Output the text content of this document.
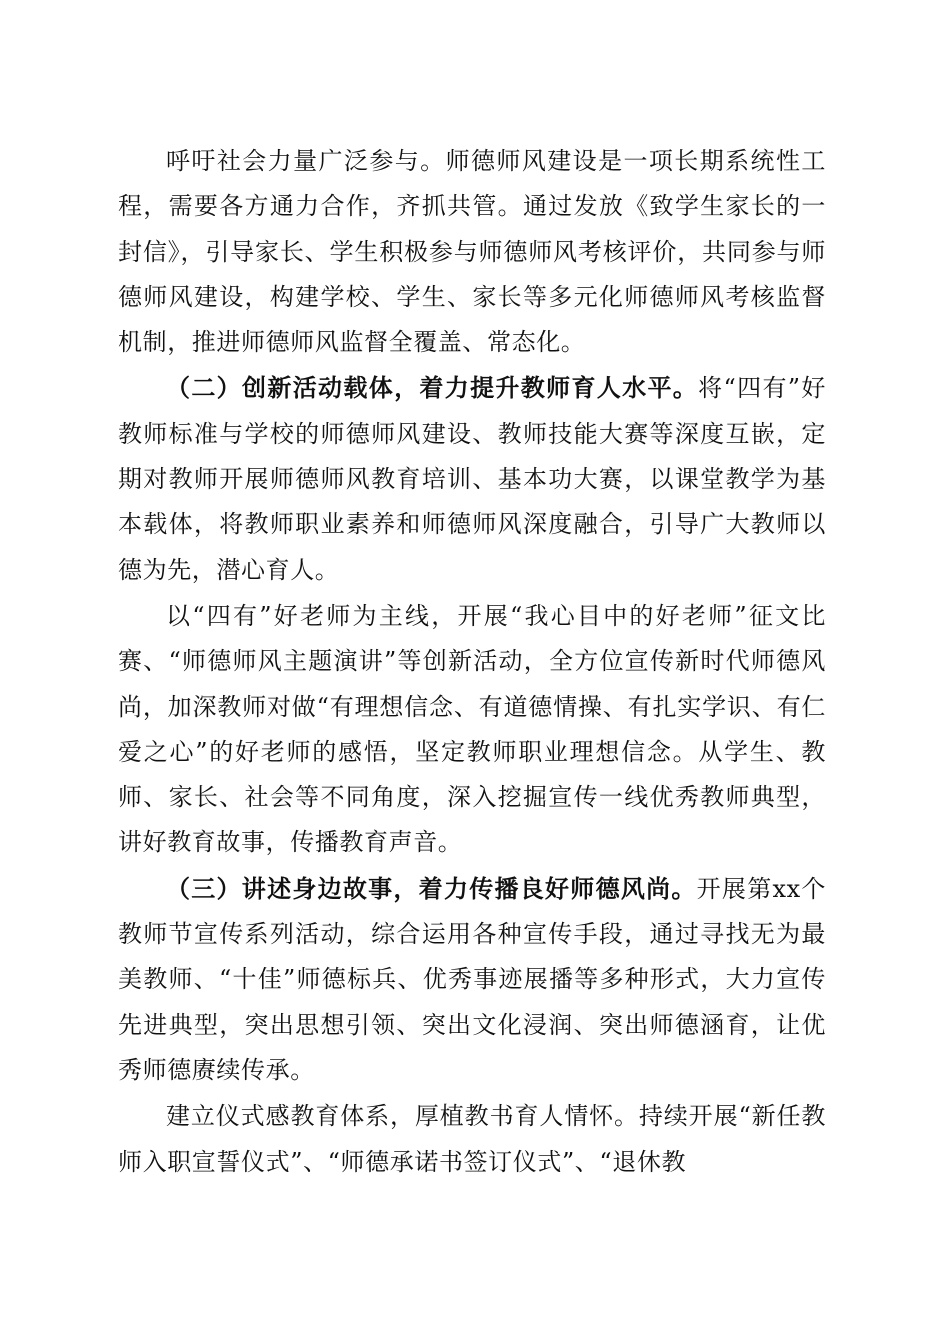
呼吁社会力量广泛参与。师德师风建设是一项长期系统性工程，需要各方通力合作，齐抓共管。通过发放《致学生家长的一封信》，引导家长、学生积极参与师德师风考核评价，共同参与师德师风建设，构建学校、学生、家长等多元化师德师风考核监督机制，推进师德师风监督全覆盖、常态化。

（二）创新活动载体，着力提升教师育人水平。将“四有”好教师标准与学校的师德师风建设、教师技能大赛等深度互嵌，定期对教师开展师德师风教育培训、基本功大赛，以课堂教学为基本载体，将教师职业素养和师德师风深度融合，引导广大教师以德为先，潜心育人。

以“四有”好老师为主线，开展“我心目中的好老师”征文比赛、“师德师风主题演讲”等创新活动，全方位宣传新时代师德风尚，加深教师对做“有理想信念、有道德情操、有扎实学识、有仁爱之心”的好老师的感悟，坚定教师职业理想信念。从学生、教师、家长、社会等不同角度，深入挖掘宣传一线优秀教师典型，讲好教育故事，传播教育声音。

（三）讲述身边故事，着力传播良好师德风尚。开展第xx个教师节宣传系列活动，综合运用各种宣传手段，通过寻找无为最美教师、“十佳”师德标兵、优秀事迹展播等多种形式，大力宣传先进典型，突出思想引领、突出文化浸润、突出师德涵育，让优秀师德赓续传承。

建立仪式感教育体系，厚植教书育人情怀。持续开展“新任教师入职宣誓仪式”、“师德承诺书签订仪式”、“退休教
